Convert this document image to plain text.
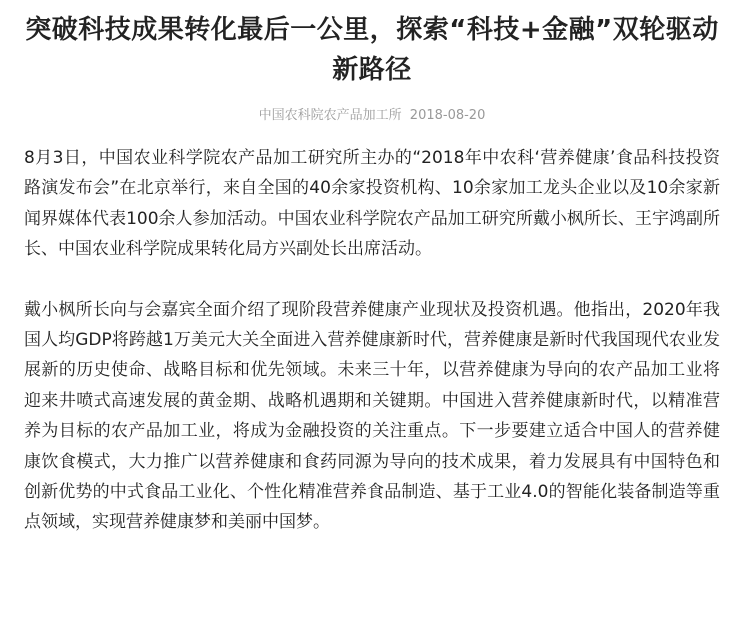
突破科技成果转化最后一公里，探索“科技+金融”双轮驱动新路径
中国农科院农产品加工所 2018-08-20

8月3日，中国农业科学院农产品加工研究所主办的“2018年中农科‘营养健康’食品科技投资路演发布会”在北京举行，来自全国的40余家投资机构、10余家加工龙头企业以及10余家新闻界媒体代表100余人参加活动。中国农业科学院农产品加工研究所戴小枫所长、王宇鸿副所长、中国农业科学院成果转化局方兴副处长出席活动。

戴小枫所长向与会嘉宾全面介绍了现阶段营养健康产业现状及投资机遇。他指出，2020年我国人均GDP将跨越1万美元大关全面进入营养健康新时代，营养健康是新时代我国现代农业发展新的历史使命、战略目标和优先领域。未来三十年，以营养健康为导向的农产品加工业将迎来井喷式高速发展的黄金期、战略机遇期和关键期。中国进入营养健康新时代，以精准营养为目标的农产品加工业，将成为金融投资的关注重点。下一步要建立适合中国人的营养健康饮食模式，大力推广以营养健康和食药同源为导向的技术成果，着力发展具有中国特色和创新优势的中式食品工业化、个性化精准营养食品制造、基于工业4.0的智能化装备制造等重点领域，实现营养健康梦和美丽中国梦。
